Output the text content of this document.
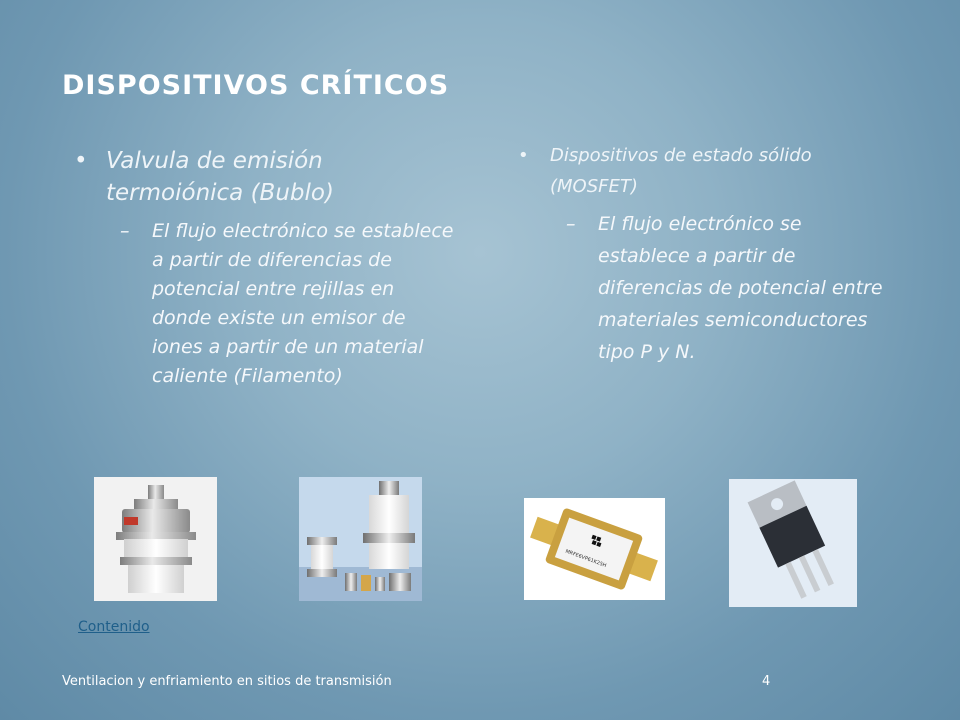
DISPOSITIVOS CRÍTICOS
• Valvula de emisión termoiónica (Bublo)
– El flujo electrónico se establece a partir de diferencias de potencial entre rejillas en donde existe un emisor de iones a partir de un material caliente (Filamento)
• Dispositivos de estado sólido (MOSFET)
– El flujo electrónico se establece a partir de diferencias de potencial entre materiales semiconductores tipo P y N.
MRFE6VP61K25H
Contenido
Ventilacion y enfriamiento en sitios de transmisión	4
